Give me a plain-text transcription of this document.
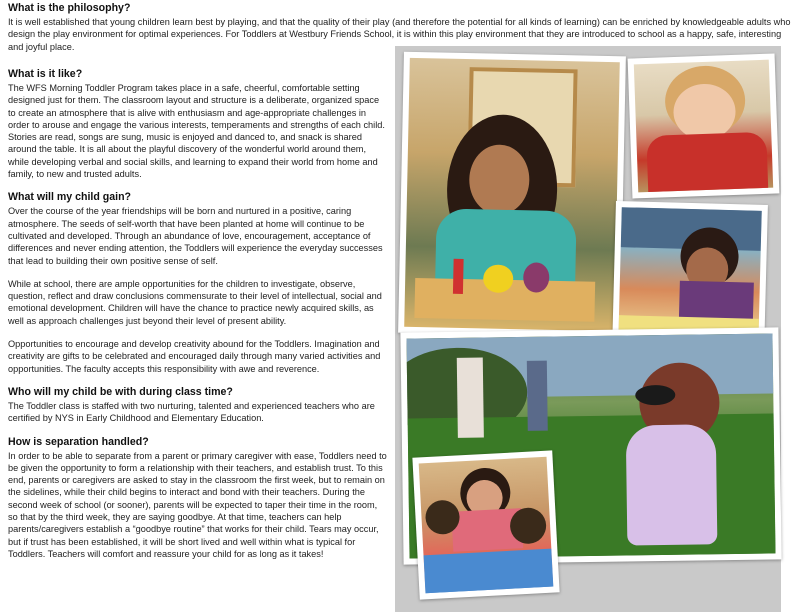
What is the philosophy?

It is well established that young children learn best by playing, and that the quality of their play (and therefore the potential for all kinds of learning) can be enriched by knowledgeable adults who design the play environment for optimal experiences. For Toddlers at Westbury Friends School, it is within this play environment that they are introduced to school as a happy, safe, interesting and joyful place.

What is it like?

The WFS Morning Toddler Program takes place in a safe, cheerful, comfortable setting designed just for them. The classroom layout and structure is a deliberate, organized space to create an atmosphere that is alive with enthusiasm and age-appropriate challenges in order to arouse and engage the various interests, temperaments and strengths of each child. Stories are read, songs are sung, music is enjoyed and danced to, and snack is shared around the table. It is all about the playful discovery of the wonderful world around them, while developing verbal and social skills, and learning to expand their world from home and family, to new and trusted adults.

What will my child gain?

Over the course of the year friendships will be born and nurtured in a positive, caring atmosphere. The seeds of self-worth that have been planted at home will continue to be cultivated and developed. Through an abundance of love, encouragement, acceptance of differences and never ending attention, the Toddlers will experience the everyday successes that lead to building their own positive sense of self.

While at school, there are ample opportunities for the children to investigate, observe, question, reflect and draw conclusions commensurate to their level of intellectual, social and emotional development. Children will have the chance to practice newly acquired skills, as well as approach challenges just beyond their level of present ability.

Opportunities to encourage and develop creativity abound for the Toddlers. Imagination and creativity are gifts to be celebrated and encouraged daily through many varied activities and opportunities. The faculty accepts this responsibility with awe and reverence.

Who will my child be with during class time?

The Toddler class is staffed with two nurturing, talented and experienced teachers who are certified by NYS in Early Childhood and Elementary Education.

How is separation handled?

In order to be able to separate from a parent or primary caregiver with ease, Toddlers need to be given the opportunity to form a relationship with their teachers, and establish trust. To this end, parents or caregivers are asked to stay in the classroom the first week, but to remain on the sidelines, while their child begins to interact and bond with their teachers. During the second week of school (or sooner), parents will be expected to taper their time in the room, so that by the third week, they are saying goodbye. At that time, teachers can help parents/caregivers establish a “goodbye routine” that works for their child. Tears may occur, but if trust has been established, it will be short lived and well within what is typical for Toddlers. Teachers will comfort and reassure your child for as long as it takes!
